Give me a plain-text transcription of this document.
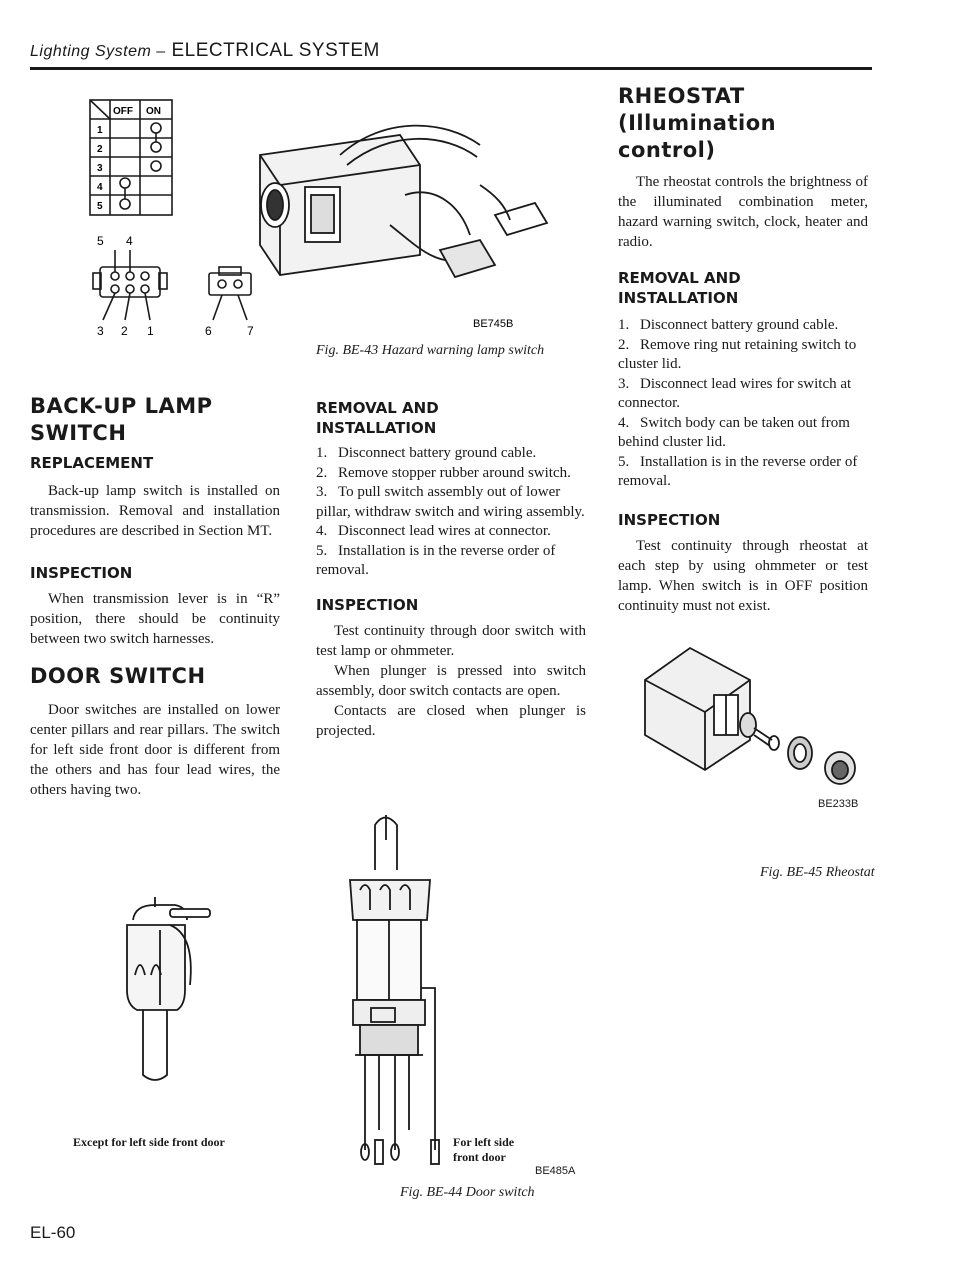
Lighting System – ELECTRICAL SYSTEM
OFF ON
1
2
3
4
5
5 4
3 2 1	6	7	BE745B
Fig. BE-43 Hazard warning lamp switch
BACK-UP LAMP SWITCH
REPLACEMENT
Back-up lamp switch is installed on transmission. Removal and installation procedures are described in Section MT.
INSPECTION
When transmission lever is in “R” position, there should be continuity between two switch harnesses.
DOOR SWITCH
Door switches are installed on lower center pillars and rear pillars. The switch for left side front door is different from the others and has four lead wires, the others having two.
REMOVAL AND INSTALLATION
1. Disconnect battery ground cable.
2. Remove stopper rubber around switch.
3. To pull switch assembly out of lower pillar, withdraw switch and wiring assembly.
4. Disconnect lead wires at connector.
5. Installation is in the reverse order of removal.
INSPECTION
Test continuity through door switch with test lamp or ohmmeter.
When plunger is pressed into switch assembly, door switch contacts are open.
Contacts are closed when plunger is projected.
RHEOSTAT
(Illumination control)
The rheostat controls the brightness of the illuminated combination meter, hazard warning switch, clock, heater and radio.
REMOVAL AND INSTALLATION
1. Disconnect battery ground cable.
2. Remove ring nut retaining switch to cluster lid.
3. Disconnect lead wires for switch at connector.
4. Switch body can be taken out from behind cluster lid.
5. Installation is in the reverse order of removal.
INSPECTION
Test continuity through rheostat at each step by using ohmmeter or test lamp. When switch is in OFF position continuity must not exist.
BE233B
Fig. BE-45 Rheostat
Except for left side front door	For left side
front door
BE485A
Fig. BE-44 Door switch
EL-60
